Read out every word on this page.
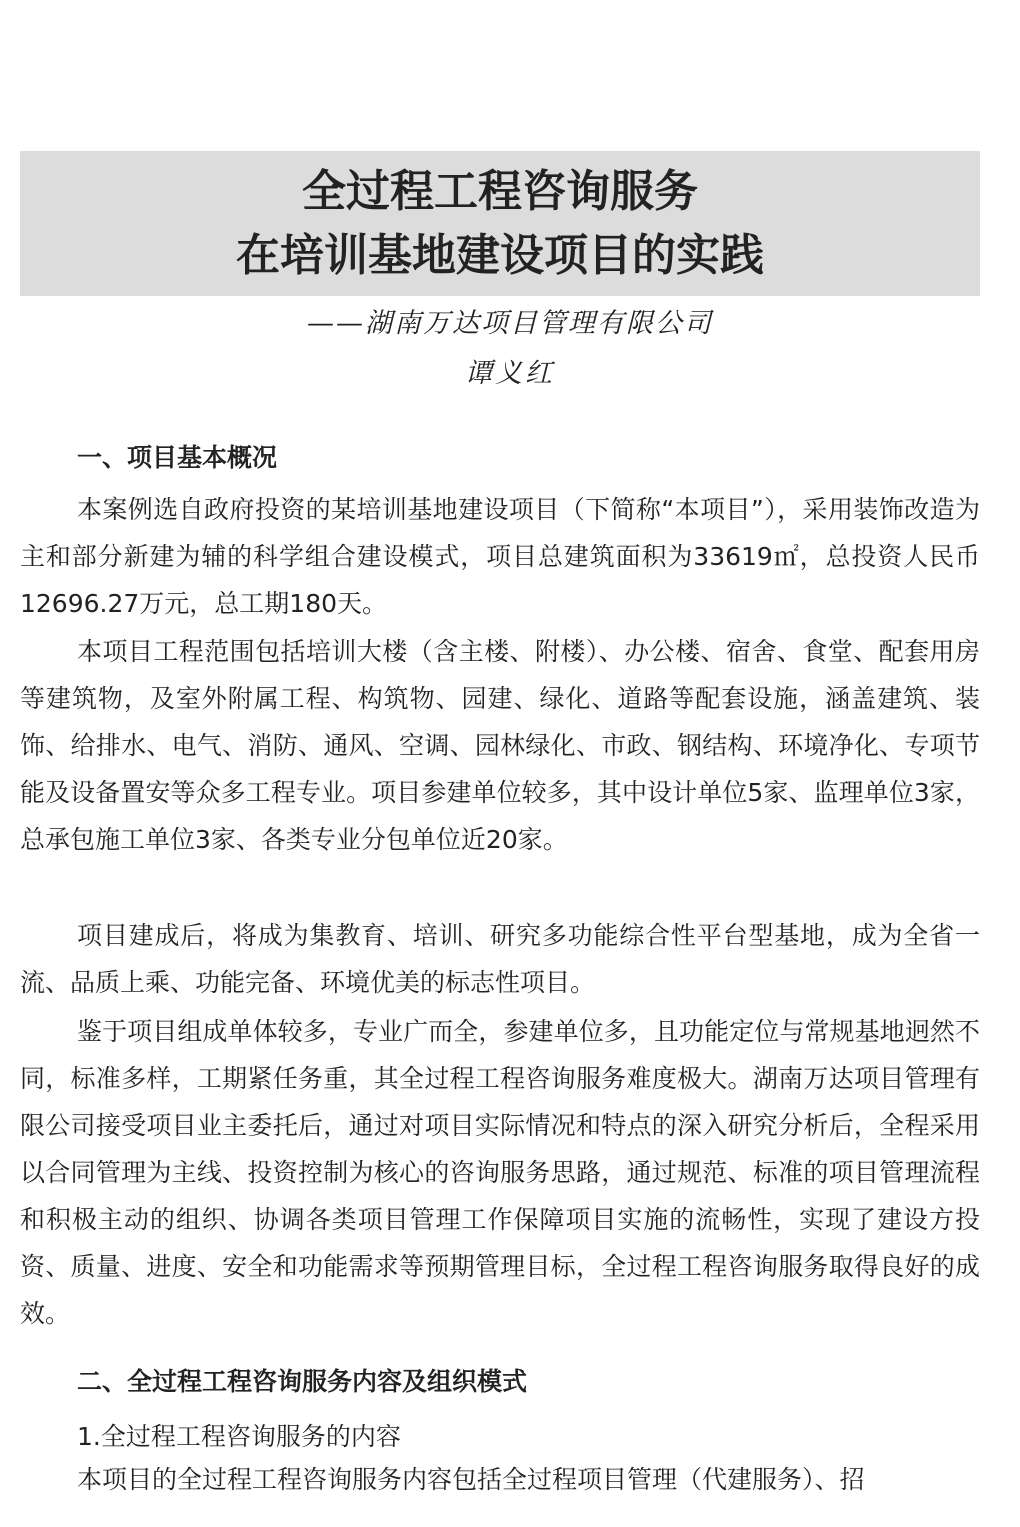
全过程工程咨询服务
在培训基地建设项目的实践
——湖南万达项目管理有限公司
谭义红
一、项目基本概况

本案例选自政府投资的某培训基地建设项目（下简称“本项目”），采用装饰改造为主和部分新建为辅的科学组合建设模式，项目总建筑面积为33619㎡，总投资人民币12696.27万元，总工期180天。

本项目工程范围包括培训大楼（含主楼、附楼）、办公楼、宿舍、食堂、配套用房等建筑物，及室外附属工程、构筑物、园建、绿化、道路等配套设施，涵盖建筑、装饰、给排水、电气、消防、通风、空调、园林绿化、市政、钢结构、环境净化、专项节能及设备置安等众多工程专业。项目参建单位较多，其中设计单位5家、监理单位3家，总承包施工单位3家、各类专业分包单位近20家。

项目建成后，将成为集教育、培训、研究多功能综合性平台型基地，成为全省一流、品质上乘、功能完备、环境优美的标志性项目。

鉴于项目组成单体较多，专业广而全，参建单位多，且功能定位与常规基地迥然不同，标准多样，工期紧任务重，其全过程工程咨询服务难度极大。湖南万达项目管理有限公司接受项目业主委托后，通过对项目实际情况和特点的深入研究分析后，全程采用以合同管理为主线、投资控制为核心的咨询服务思路，通过规范、标准的项目管理流程和积极主动的组织、协调各类项目管理工作保障项目实施的流畅性，实现了建设方投资、质量、进度、安全和功能需求等预期管理目标，全过程工程咨询服务取得良好的成效。

二、全过程工程咨询服务内容及组织模式
1.全过程工程咨询服务的内容

本项目的全过程工程咨询服务内容包括全过程项目管理（代建服务）、招
